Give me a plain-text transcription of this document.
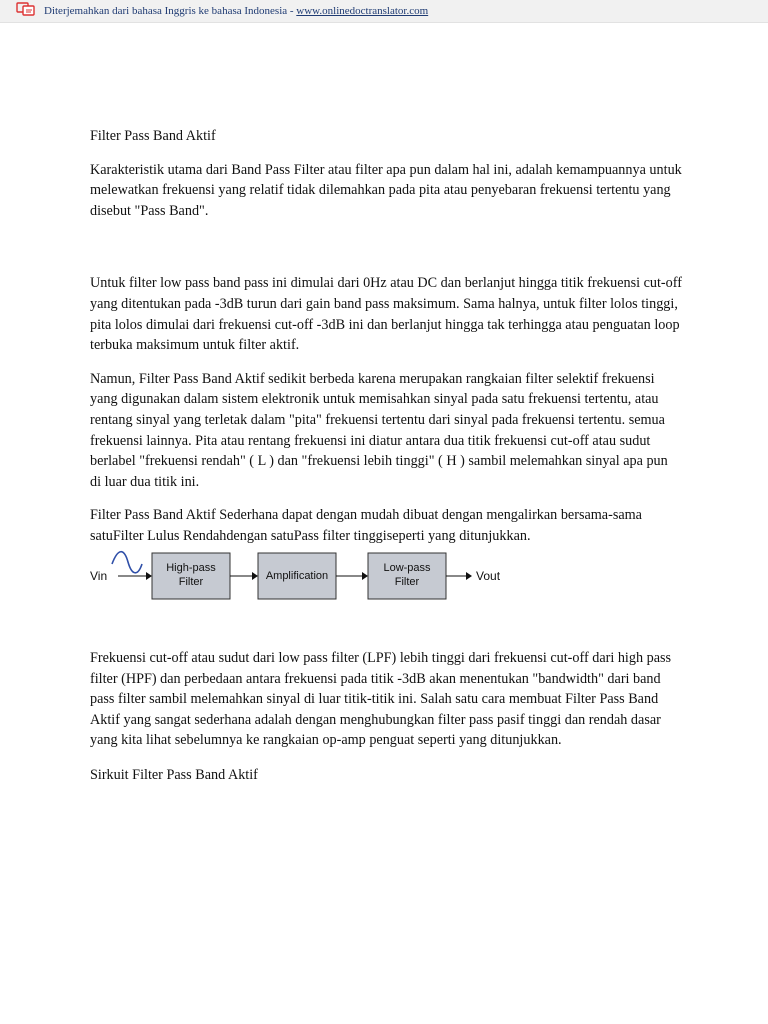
Diterjemahkan dari bahasa Inggris ke bahasa Indonesia - www.onlinedoctranslator.com

Filter Pass Band Aktif

Karakteristik utama dari Band Pass Filter atau filter apa pun dalam hal ini, adalah kemampuannya untuk melewatkan frekuensi yang relatif tidak dilemahkan pada pita atau penyebaran frekuensi tertentu yang disebut "Pass Band".

Untuk filter low pass band pass ini dimulai dari 0Hz atau DC dan berlanjut hingga titik frekuensi cut-off yang ditentukan pada -3dB turun dari gain band pass maksimum. Sama halnya, untuk filter lolos tinggi, pita lolos dimulai dari frekuensi cut-off -3dB ini dan berlanjut hingga tak terhingga atau penguatan loop terbuka maksimum untuk filter aktif.

Namun, Filter Pass Band Aktif sedikit berbeda karena merupakan rangkaian filter selektif frekuensi yang digunakan dalam sistem elektronik untuk memisahkan sinyal pada satu frekuensi tertentu, atau rentang sinyal yang terletak dalam "pita" frekuensi tertentu dari sinyal pada frekuensi tertentu. semua frekuensi lainnya. Pita atau rentang frekuensi ini diatur antara dua titik frekuensi cut-off atau sudut berlabel "frekuensi rendah" ( L ) dan "frekuensi lebih tinggi" ( H ) sambil melemahkan sinyal apa pun di luar dua titik ini.

Filter Pass Band Aktif Sederhana dapat dengan mudah dibuat dengan mengalirkan bersama-sama satuFilter Lulus Rendahdengan satuPass filter tinggiseperti yang ditunjukkan.

Vin
High-pass
Filter	Amplification
Low-pass
Filter	Vout

Frekuensi cut-off atau sudut dari low pass filter (LPF) lebih tinggi dari frekuensi cut-off dari high pass filter (HPF) dan perbedaan antara frekuensi pada titik -3dB akan menentukan "bandwidth" dari band pass filter sambil melemahkan sinyal di luar titik-titik ini. Salah satu cara membuat Filter Pass Band Aktif yang sangat sederhana adalah dengan menghubungkan filter pass pasif tinggi dan rendah dasar yang kita lihat sebelumnya ke rangkaian op-amp penguat seperti yang ditunjukkan.

Sirkuit Filter Pass Band Aktif
